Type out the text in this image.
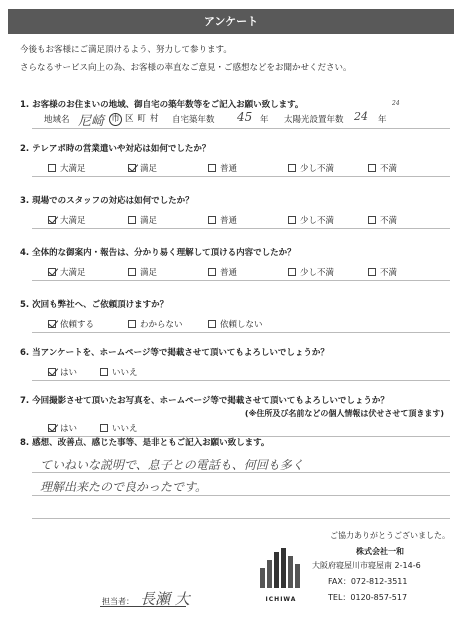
アンケート
今後もお客様にご満足頂けるよう、努力して参ります。
さらなるサービス向上の為、お客様の率直なご意見・ご感想などをお聞かせください。
1. お客様のお住まいの地域、御自宅の築年数等をご記入お願い致します。
地域名 尼崎 市 区 町 村 自宅築年数 45 年 太陽光設置年数 24
24
年
2. テレアポ時の営業遣いや対応は如何でしたか？
大満足	満足	普通	少し不満	不満
3. 現場でのスタッフの対応は如何でしたか？
大満足	満足	普通	少し不満	不満
4. 全体的な御案内・報告は、分かり易く理解して頂ける内容でしたか？
大満足	満足	普通	少し不満	不満
5. 次回も弊社へ、ご依頼頂けますか？
依頼する	わからない	依頼しない
6. 当アンケートを、ホームページ等で掲載させて頂いてもよろしいでしょうか？
はい	いいえ
7. 今回撮影させて頂いたお写真を、ホームページ等で掲載させて頂いてもよろしいでしょうか？
(※住所及び名前などの個人情報は伏せさせて頂きます)
はい	いいえ
8. 感想、改善点、感じた事等、是非ともご記入お願い致します。
ていねいな説明で、息子との電話も、何回も多く
理解出来たので良かったです。
ご協力ありがとうございました。
株式会社一和
大阪府寝屋川市寝屋南 2-14-6
FAX：072-812-3511
TEL：0120-857-517
ICHIWA
担当者： 長瀬 大
